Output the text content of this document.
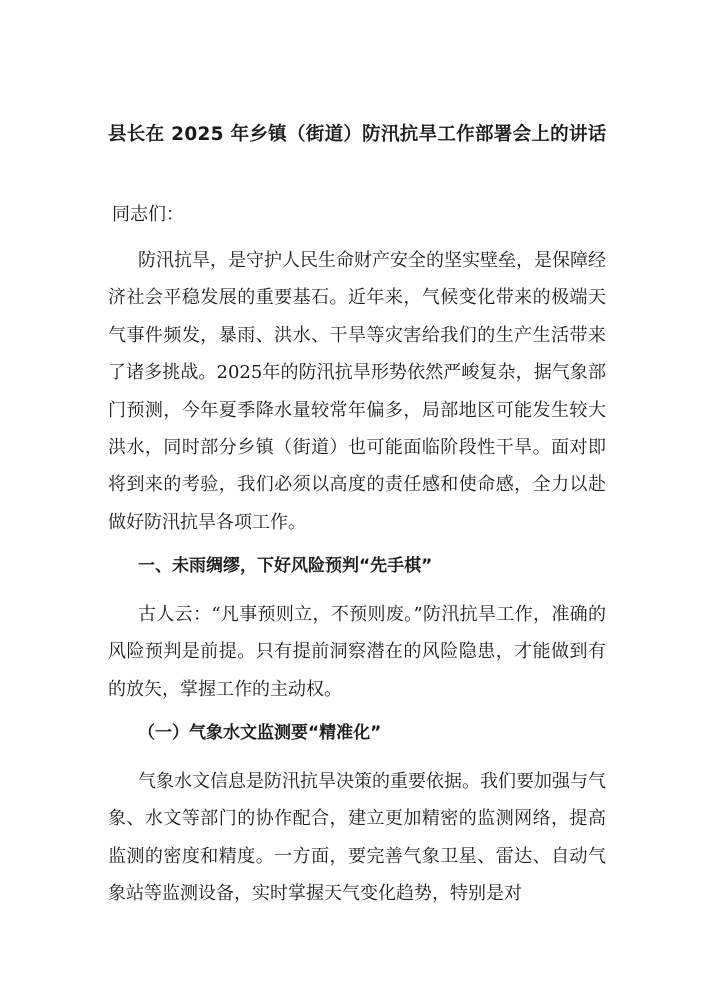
县长在 2025 年乡镇（街道）防汛抗旱工作部署会上的讲话

同志们：

防汛抗旱，是守护人民生命财产安全的坚实壁垒，是保障经济社会平稳发展的重要基石。近年来，气候变化带来的极端天气事件频发，暴雨、洪水、干旱等灾害给我们的生产生活带来了诸多挑战。2025年的防汛抗旱形势依然严峻复杂，据气象部门预测，今年夏季降水量较常年偏多，局部地区可能发生较大洪水，同时部分乡镇（街道）也可能面临阶段性干旱。面对即将到来的考验，我们必须以高度的责任感和使命感，全力以赴做好防汛抗旱各项工作。

一、未雨绸缪，下好风险预判“先手棋”

古人云：“凡事预则立，不预则废。”防汛抗旱工作，准确的风险预判是前提。只有提前洞察潜在的风险隐患，才能做到有的放矢，掌握工作的主动权。

（一）气象水文监测要“精准化”

气象水文信息是防汛抗旱决策的重要依据。我们要加强与气象、水文等部门的协作配合，建立更加精密的监测网络，提高监测的密度和精度。一方面，要完善气象卫星、雷达、自动气象站等监测设备，实时掌握天气变化趋势，特别是对
